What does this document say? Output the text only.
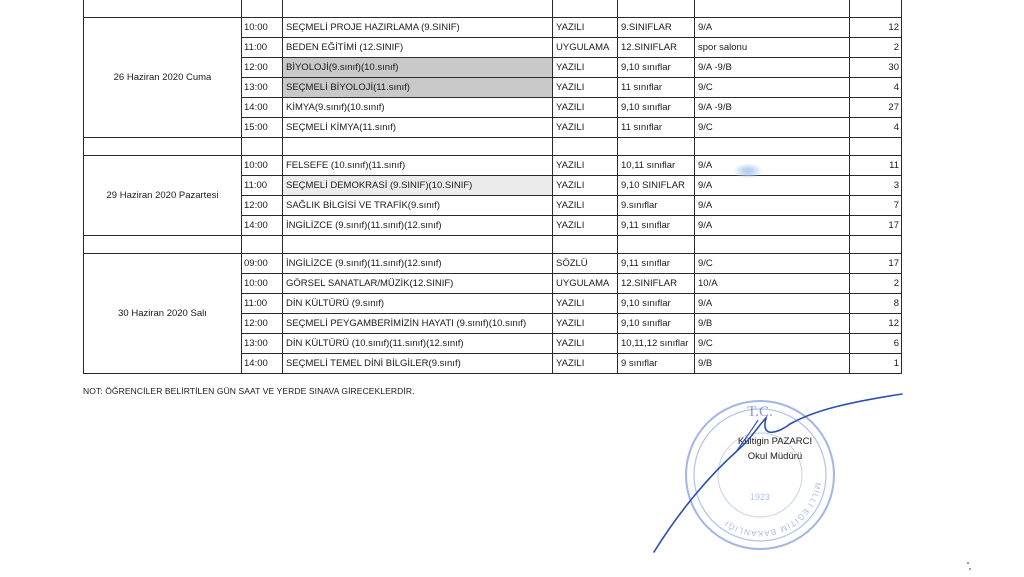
26 Haziran 2020 Cuma	10:00	SEÇMELİ PROJE HAZIRLAMA (9.SINIF)	YAZILI	9.SINIFLAR	9/A	12
	11:00	BEDEN EĞİTİMİ (12.SINIF)	UYGULAMA	12.SINIFLAR	spor salonu	2
	12:00	BİYOLOJİ(9.sınıf)(10.sınıf)	YAZILI	9,10 sınıflar	9/A -9/B	30
	13:00	SEÇMELİ BİYOLOJİ(11.sınıf)	YAZILI	11 sınıflar	9/C	4
	14:00	KİMYA(9.sınıf)(10.sınıf)	YAZILI	9,10 sınıflar	9/A -9/B	27
	15:00	SEÇMELİ KİMYA(11.sınıf)	YAZILI	11 sınıflar	9/C	4

29 Haziran 2020 Pazartesi	10:00	FELSEFE (10.sınıf)(11.sınıf)	YAZILI	10,11 sınıflar	9/A	11
	11:00	SEÇMELİ DEMOKRASİ (9.SINIF)(10.SINIF)	YAZILI	9,10 SINIFLAR	9/A	3
	12:00	SAĞLIK BİLGİSİ VE TRAFİK(9.sınıf)	YAZILI	9.sınıflar	9/A	7
	14:00	İNGİLİZCE (9.sınıf)(11.sınıf)(12.sınıf)	YAZILI	9,11 sınıflar	9/A	17

30 Haziran 2020 Salı	09:00	İNGİLİZCE (9.sınıf)(11.sınıf)(12.sınıf)	SÖZLÜ	9,11 sınıflar	9/C	17
	10:00	GÖRSEL SANATLAR/MÜZİK(12.SINIF)	UYGULAMA	12.SINIFLAR	10/A	2
	11:00	DİN KÜLTÜRÜ (9.sınıf)	YAZILI	9,10 sınıflar	9/A	8
	12:00	SEÇMELİ PEYGAMBERİMİZİN HAYATI (9.sınıf)(10.sınıf)	YAZILI	9,10 sınıflar	9/B	12
	13:00	DİN KÜLTÜRÜ (10.sınıf)(11.sınıf)(12.sınıf)	YAZILI	10,11,12 sınıflar	9/C	6
	14:00	SEÇMELİ TEMEL DİNİ BİLGİLER(9.sınıf)	YAZILI	9 sınıflar	9/B	1
NOT: ÖĞRENCİLER BELİRTİLEN GÜN SAAT VE YERDE SINAVA GİRECEKLERDİR.
T.C.
MİLLİ EĞİTİM BAKANLIĞI
1923
Kültigin PAZARCI
Okul Müdürü
